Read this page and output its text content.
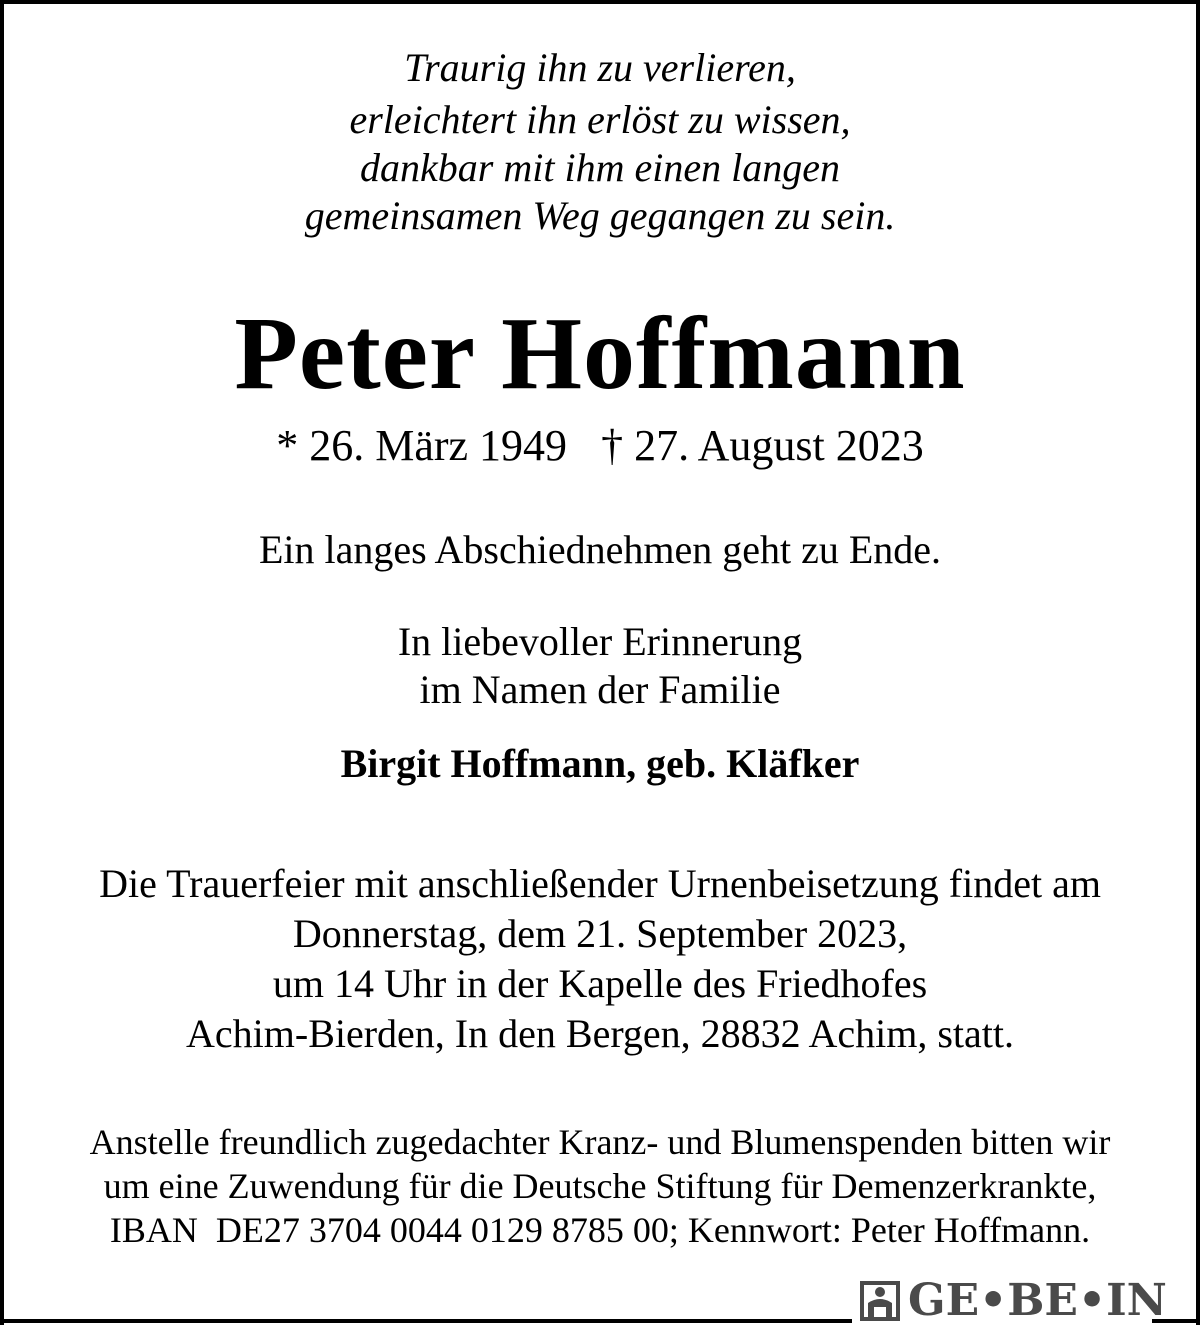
Traurig ihn zu verlieren,
erleichtert ihn erlöst zu wissen,
dankbar mit ihm einen langen
gemeinsamen Weg gegangen zu sein.
Peter Hoffmann
* 26. März 1949 † 27. August 2023
Ein langes Abschiednehmen geht zu Ende.
In liebevoller Erinnerung
im Namen der Familie
Birgit Hoffmann, geb. Kläfker
Die Trauerfeier mit anschließender Urnenbeisetzung findet am
Donnerstag, dem 21. September 2023,
um 14 Uhr in der Kapelle des Friedhofes
Achim-Bierden, In den Bergen, 28832 Achim, statt.
Anstelle freundlich zugedachter Kranz- und Blumenspenden bitten wir
um eine Zuwendung für die Deutsche Stiftung für Demenzerkrankte,
IBAN  DE27 3704 0044 0129 8785 00; Kennwort: Peter Hoffmann.
GE•BE•IN
